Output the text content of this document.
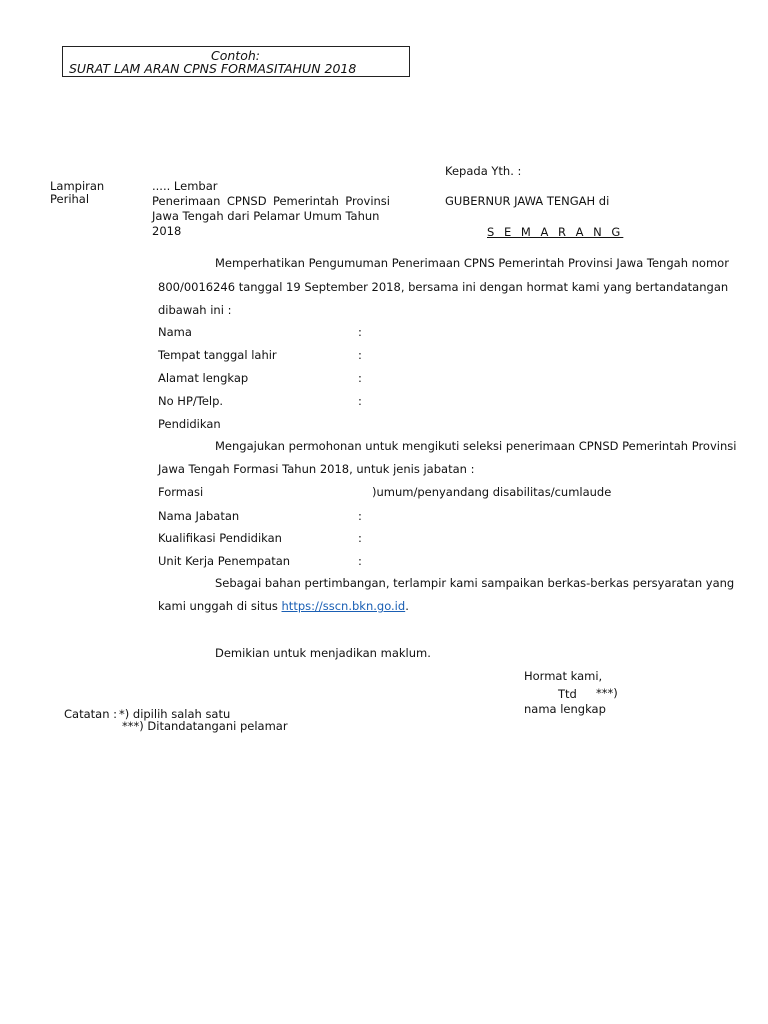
Contoh:
SURAT LAM ARAN CPNS FORMASITAHUN 2018
Kepada Yth. :
GUBERNUR JAWA TENGAH di
S E M A R A N G
Lampiran	..... Lembar
Perihal	Penerimaan CPNSD Pemerintah Provinsi
Jawa Tengah dari Pelamar Umum Tahun
2018
Memperhatikan Pengumuman Penerimaan CPNS Pemerintah Provinsi Jawa Tengah nomor
800/0016246 tanggal 19 September 2018, bersama ini dengan hormat kami yang bertandatangan
dibawah ini :
Nama	:
Tempat tanggal lahir	:
Alamat lengkap	:
No HP/Telp.	:
Pendidikan
Mengajukan permohonan untuk mengikuti seleksi penerimaan CPNSD Pemerintah Provinsi
Jawa Tengah Formasi Tahun 2018, untuk jenis jabatan :
Formasi	)umum/penyandang disabilitas/cumlaude
Nama Jabatan	:
Kualifikasi Pendidikan	:
Unit Kerja Penempatan	:
Sebagai bahan pertimbangan, terlampir kami sampaikan berkas-berkas persyaratan yang
kami unggah di situs https://sscn.bkn.go.id.
Demikian untuk menjadikan maklum.
Hormat kami,
Ttd ***)
nama lengkap
Catatan : *) dipilih salah satu
***) Ditandatangani pelamar
